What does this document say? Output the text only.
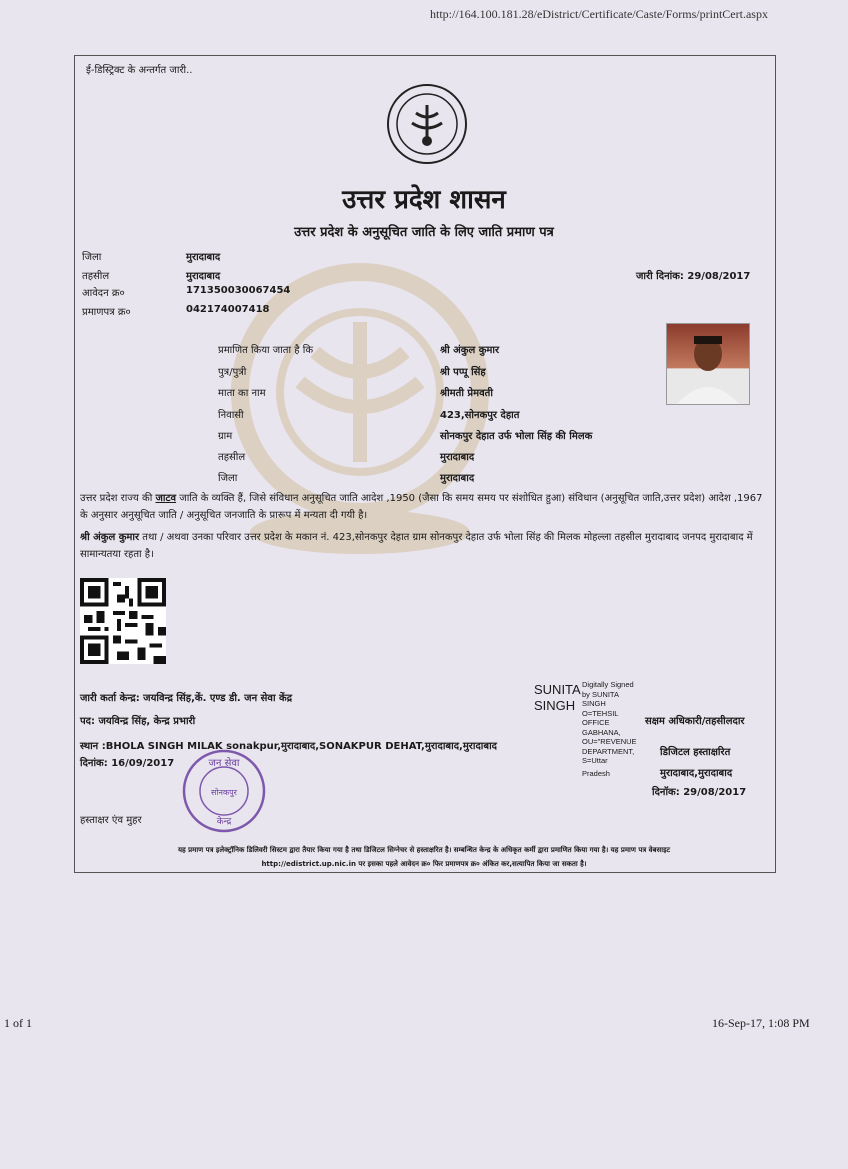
http://164.100.181.28/eDistrict/Certificate/Caste/Forms/printCert.aspx
ई-डिस्ट्रिक्ट के अन्तर्गत जारी..
उत्तर प्रदेश शासन
उत्तर प्रदेश के अनुसूचित जाति के लिए जाति प्रमाण पत्र
जिला	मुरादाबाद
तहसील	मुरादाबाद
आवेदन क्र०	171350030067454
प्रमाणपत्र क्र०	042174007418
जारी दिनांक: 29/08/2017
प्रमाणित किया जाता है कि	श्री अंकुल कुमार
पुत्र/पुत्री	श्री पप्पू सिंह
माता का नाम	श्रीमती प्रेमवती
निवासी	423,सोनकपुर देहात
ग्राम	सोनकपुर देहात उर्फ भोला सिंह की मिलक
तहसील	मुरादाबाद
जिला	मुरादाबाद
उत्तर प्रदेश राज्य की जाटव जाति के व्यक्ति हैं, जिसे संविधान अनुसूचित जाति आदेश ,1950 (जैसा कि समय समय पर संशोधित हुआ) संविधान (अनुसूचित जाति,उत्तर प्रदेश) आदेश ,1967 के अनुसार अनुसूचित जाति / अनुसूचित जनजाति के प्रारूप में मन्यता दी गयी है।
श्री अंकुल कुमार तथा / अथवा उनका परिवार उत्तर प्रदेश के मकान नं. 423,सोनकपुर देहात ग्राम सोनकपुर देहात उर्फ भोला सिंह की मिलक मोहल्ला तहसील मुरादाबाद जनपद मुरादाबाद में सामान्यतया रहता है।
जारी कर्ता केन्द्र: जयविन्द्र सिंह,कें. एण्ड डी. जन सेवा केंद्र
पद: जयविन्द्र सिंह, केन्द्र प्रभारी
स्थान :BHOLA SINGH MILAK sonakpur,मुरादाबाद,SONAKPUR DEHAT,मुरादाबाद,मुरादाबाद
दिनांक: 16/09/2017
हस्ताक्षर एंव मुहर
जन सेवा
सोनकपुर
केन्द्र
SUNITA
SINGH
Digitally Signed
by SUNITA
SINGH
O=TEHSIL
OFFICE
GABHANA,
OU="REVENUE
DEPARTMENT,
S=Uttar
Pradesh
सक्षम अधिकारी/तहसीलदार
डिजिटल हस्ताक्षरित
मुरादाबाद,मुरादाबाद
दिनॉक: 29/08/2017
यह प्रमाण पत्र इलेक्ट्रॉनिक डिलिवरी सिस्टम द्वारा तैयार किया गया है तथा डिजिटल सिग्नेचर से हस्ताक्षरित है। सम्बन्धित केन्द्र के अधिकृत कर्मी द्वारा प्रमाणित किया गया है। यह प्रमाण पत्र वेबसाइट
http://edistrict.up.nic.in पर इसका पहले आवेदन क्र० फिर प्रमाणपत्र क्र० अंकित कर,सत्यापित किया जा सकता है।
1 of 1	16-Sep-17, 1:08 PM
